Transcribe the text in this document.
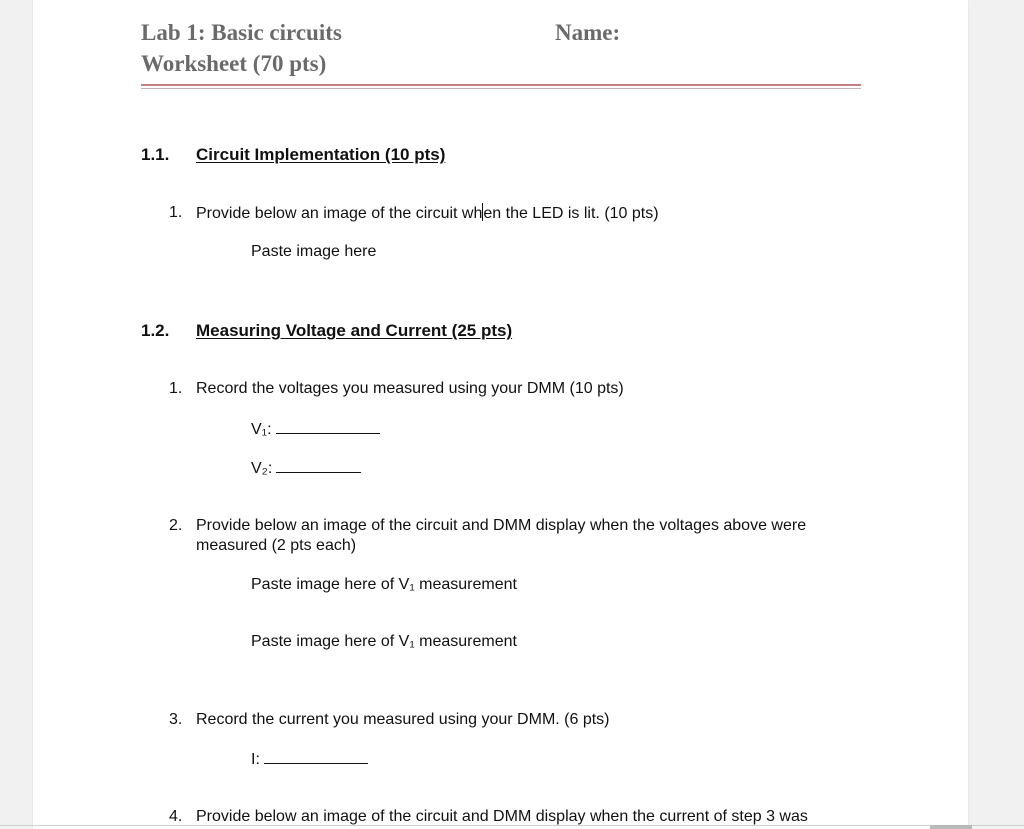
Lab 1: Basic circuits
Worksheet (70 pts)
Name:
1.1. Circuit Implementation (10 pts)
1. Provide below an image of the circuit when the LED is lit. (10 pts)
Paste image here
1.2. Measuring Voltage and Current (25 pts)
1. Record the voltages you measured using your DMM (10 pts)
V₁:
V₂:
2. Provide below an image of the circuit and DMM display when the voltages above were
measured (2 pts each)
Paste image here of V₁ measurement
Paste image here of V₁ measurement
3. Record the current you measured using your DMM. (6 pts)
I:
4. Provide below an image of the circuit and DMM display when the current of step 3 was
